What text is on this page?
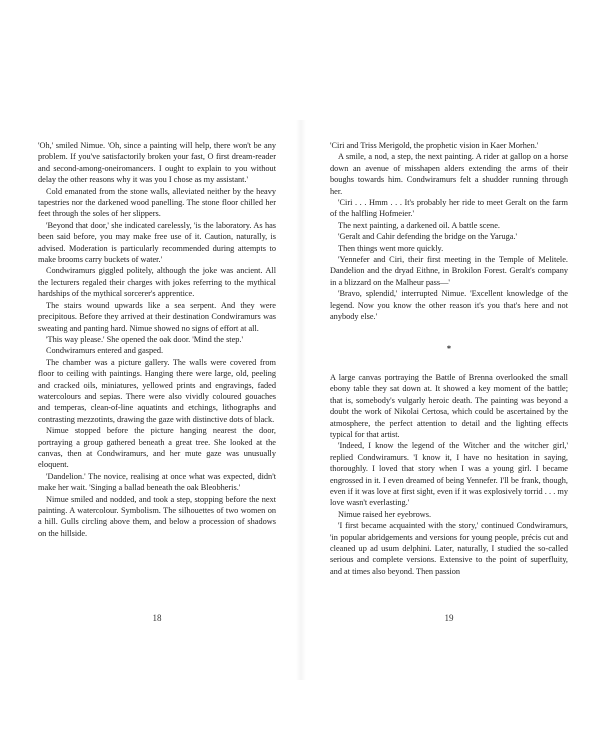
'Oh,' smiled Nimue. 'Oh, since a painting will help, there won't be any problem. If you've satisfactorily broken your fast, O first dream-reader and second-among-oneiromancers. I ought to explain to you without delay the other reasons why it was you I chose as my assistant.'

Cold emanated from the stone walls, alleviated neither by the heavy tapestries nor the darkened wood panelling. The stone floor chilled her feet through the soles of her slippers.

'Beyond that door,' she indicated carelessly, 'is the laboratory. As has been said before, you may make free use of it. Caution, naturally, is advised. Moderation is particularly recommended during attempts to make brooms carry buckets of water.'

Condwiramurs giggled politely, although the joke was ancient. All the lecturers regaled their charges with jokes referring to the mythical hardships of the mythical sorcerer's apprentice.

The stairs wound upwards like a sea serpent. And they were precipitous. Before they arrived at their destination Condwiramurs was sweating and panting hard. Nimue showed no signs of effort at all.

'This way please.' She opened the oak door. 'Mind the step.'

Condwiramurs entered and gasped.

The chamber was a picture gallery. The walls were covered from floor to ceiling with paintings. Hanging there were large, old, peeling and cracked oils, miniatures, yellowed prints and engravings, faded watercolours and sepias. There were also vividly coloured gouaches and temperas, clean-of-line aquatints and etchings, lithographs and contrasting mezzotints, drawing the gaze with distinctive dots of black.

Nimue stopped before the picture hanging nearest the door, portraying a group gathered beneath a great tree. She looked at the canvas, then at Condwiramurs, and her mute gaze was unusually eloquent.

'Dandelion.' The novice, realising at once what was expected, didn't make her wait. 'Singing a ballad beneath the oak Bleobheris.'

Nimue smiled and nodded, and took a step, stopping before the next painting. A watercolour. Symbolism. The silhouettes of two women on a hill. Gulls circling above them, and below a procession of shadows on the hillside.

18

'Ciri and Triss Merigold, the prophetic vision in Kaer Morhen.'

A smile, a nod, a step, the next painting. A rider at gallop on a horse down an avenue of misshapen alders extending the arms of their boughs towards him. Condwiramurs felt a shudder running through her.

'Ciri . . . Hmm . . . It's probably her ride to meet Geralt on the farm of the halfling Hofmeier.'

The next painting, a darkened oil. A battle scene.

'Geralt and Cahir defending the bridge on the Yaruga.'

Then things went more quickly.

'Yennefer and Ciri, their first meeting in the Temple of Melitele. Dandelion and the dryad Eithne, in Brokilon Forest. Geralt's company in a blizzard on the Malheur pass—'

'Bravo, splendid,' interrupted Nimue. 'Excellent knowledge of the legend. Now you know the other reason it's you that's here and not anybody else.'

*

A large canvas portraying the Battle of Brenna overlooked the small ebony table they sat down at. It showed a key moment of the battle; that is, somebody's vulgarly heroic death. The painting was beyond a doubt the work of Nikolai Certosa, which could be ascertained by the atmosphere, the perfect attention to detail and the lighting effects typical for that artist.

'Indeed, I know the legend of the Witcher and the witcher girl,' replied Condwiramurs. 'I know it, I have no hesitation in saying, thoroughly. I loved that story when I was a young girl. I became engrossed in it. I even dreamed of being Yennefer. I'll be frank, though, even if it was love at first sight, even if it was explosively torrid . . . my love wasn't everlasting.'

Nimue raised her eyebrows.

'I first became acquainted with the story,' continued Condwiramurs, 'in popular abridgements and versions for young people, précis cut and cleaned up ad usum delphini. Later, naturally, I studied the so-called serious and complete versions. Extensive to the point of superfluity, and at times also beyond. Then passion

19
